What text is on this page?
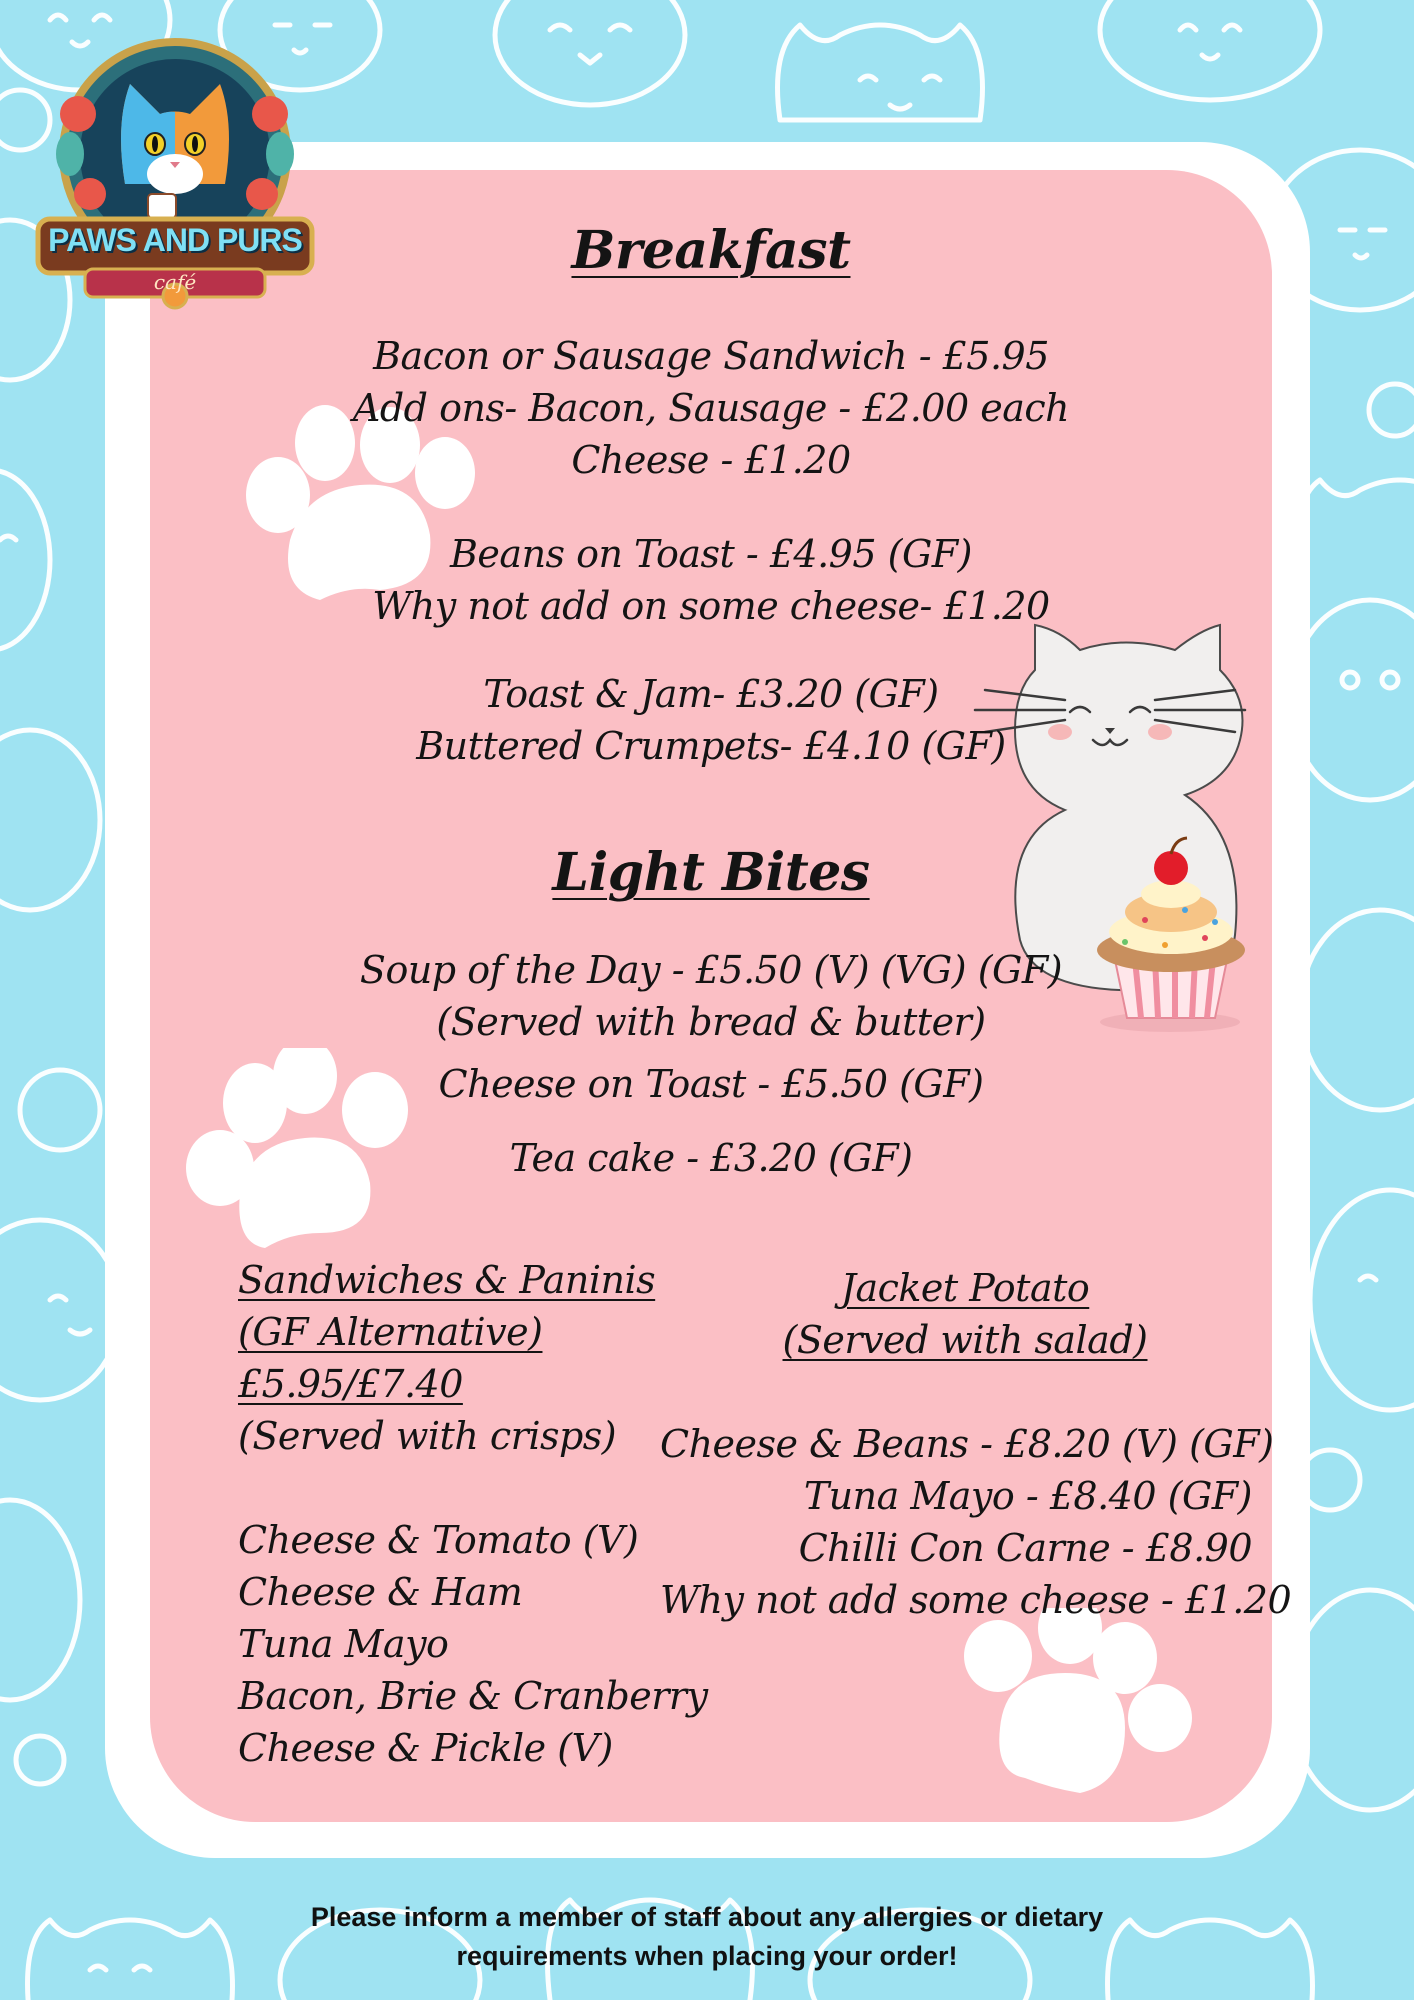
PAWS AND PURS
café
Breakfast
Bacon or Sausage Sandwich - £5.95
Add ons- Bacon, Sausage - £2.00 each
Cheese - £1.20
Beans on Toast - £4.95 (GF)
Why not add on some cheese- £1.20
Toast & Jam- £3.20 (GF)
Buttered Crumpets- £4.10 (GF)
Light Bites
Soup of the Day - £5.50 (V) (VG) (GF)
(Served with bread & butter)
Cheese on Toast - £5.50 (GF)
Tea cake - £3.20 (GF)
Sandwiches & Paninis
(GF Alternative)
£5.95/£7.40
(Served with crisps)
Cheese & Tomato (V)
Cheese & Ham
Tuna Mayo
Bacon, Brie & Cranberry
Cheese & Pickle (V)
Jacket Potato
(Served with salad)
Cheese & Beans - £8.20 (V) (GF)
Tuna Mayo - £8.40 (GF)
Chilli Con Carne - £8.90
Why not add some cheese - £1.20
Please inform a member of staff about any allergies or dietary
requirements when placing your order!
